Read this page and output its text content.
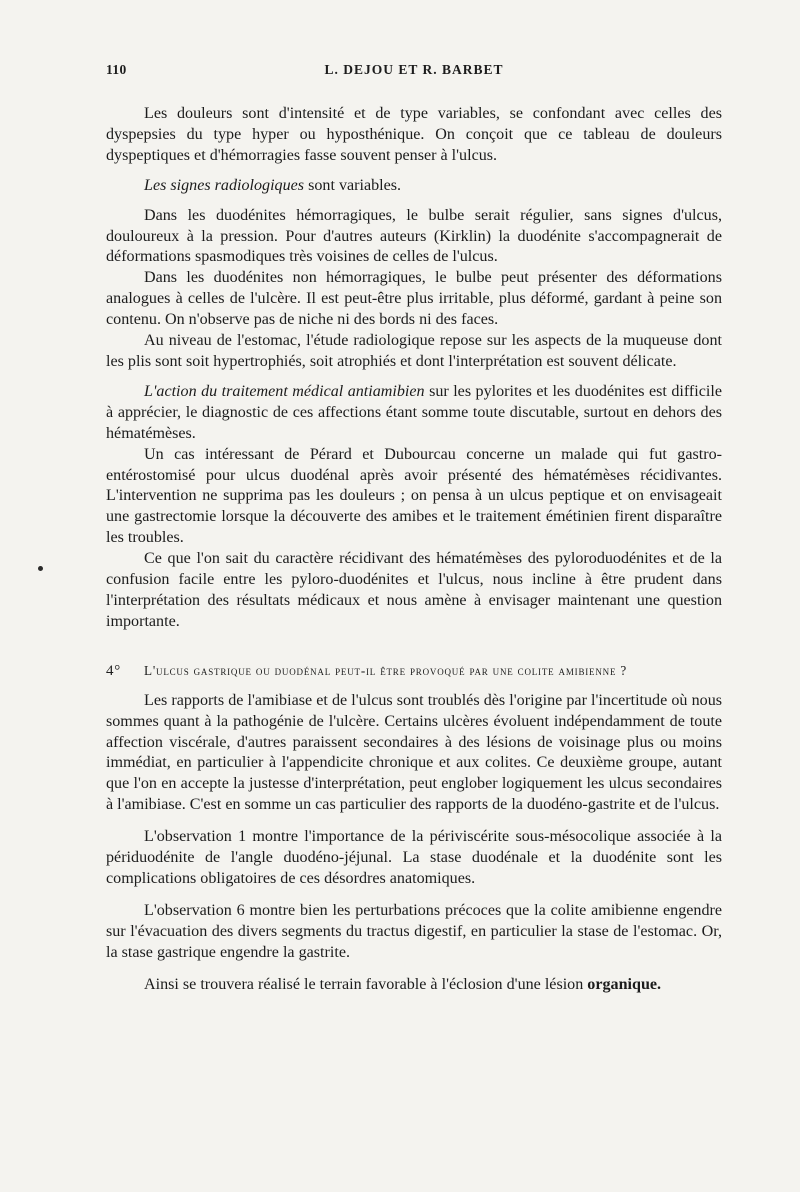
110	L. DEJOU ET R. BARBET

Les douleurs sont d'intensité et de type variables, se confondant avec celles des dyspepsies du type hyper ou hyposthénique. On conçoit que ce tableau de douleurs dyspeptiques et d'hémorragies fasse souvent penser à l'ulcus.

Les signes radiologiques sont variables.

Dans les duodénites hémorragiques, le bulbe serait régulier, sans signes d'ulcus, douloureux à la pression. Pour d'autres auteurs (Kirklin) la duodénite s'accompagnerait de déformations spasmodiques très voisines de celles de l'ulcus.

Dans les duodénites non hémorragiques, le bulbe peut présenter des déformations analogues à celles de l'ulcère. Il est peut-être plus irritable, plus déformé, gardant à peine son contenu. On n'observe pas de niche ni des bords ni des faces.

Au niveau de l'estomac, l'étude radiologique repose sur les aspects de la muqueuse dont les plis sont soit hypertrophiés, soit atrophiés et dont l'interprétation est souvent délicate.

L'action du traitement médical antiamibien sur les pylorites et les duodénites est difficile à apprécier, le diagnostic de ces affections étant somme toute discutable, surtout en dehors des hématémèses.

Un cas intéressant de Pérard et Dubourcau concerne un malade qui fut gastro-entérostomisé pour ulcus duodénal après avoir présenté des hématémèses récidivantes. L'intervention ne supprima pas les douleurs ; on pensa à un ulcus peptique et on envisageait une gastrectomie lorsque la découverte des amibes et le traitement émétinien firent disparaître les troubles.

Ce que l'on sait du caractère récidivant des hématémèses des pyloroduodénites et de la confusion facile entre les pyloro-duodénites et l'ulcus, nous incline à être prudent dans l'interprétation des résultats médicaux et nous amène à envisager maintenant une question importante.

4° L'ulcus gastrique ou duodénal peut-il être provoqué par une colite amibienne ?

Les rapports de l'amibiase et de l'ulcus sont troublés dès l'origine par l'incertitude où nous sommes quant à la pathogénie de l'ulcère. Certains ulcères évoluent indépendamment de toute affection viscérale, d'autres paraissent secondaires à des lésions de voisinage plus ou moins immédiat, en particulier à l'appendicite chronique et aux colites. Ce deuxième groupe, autant que l'on en accepte la justesse d'interprétation, peut englober logiquement les ulcus secondaires à l'amibiase. C'est en somme un cas particulier des rapports de la duodéno-gastrite et de l'ulcus.

L'observation 1 montre l'importance de la périviscérite sous-mésocolique associée à la périduodénite de l'angle duodéno-jéjunal. La stase duodénale et la duodénite sont les complications obligatoires de ces désordres anatomiques.

L'observation 6 montre bien les perturbations précoces que la colite amibienne engendre sur l'évacuation des divers segments du tractus digestif, en particulier la stase de l'estomac. Or, la stase gastrique engendre la gastrite.

Ainsi se trouvera réalisé le terrain favorable à l'éclosion d'une lésion organique.
